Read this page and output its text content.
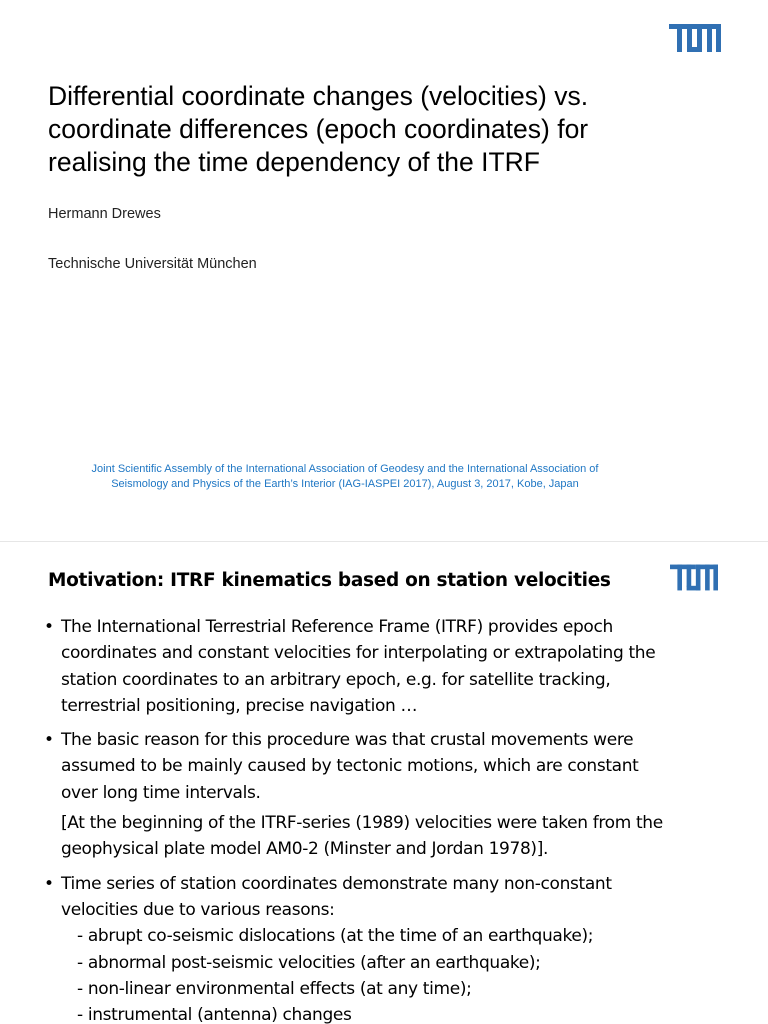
Differential coordinate changes (velocities) vs.
coordinate differences (epoch coordinates) for
realising the time dependency of the ITRF
Hermann Drewes
Technische Universität München
Joint Scientific Assembly of the International Association of Geodesy and the International Association of
Seismology and Physics of the Earth’s Interior (IAG-IASPEI 2017), August 3, 2017, Kobe, Japan
Motivation: ITRF kinematics based on station velocities
• The International Terrestrial Reference Frame (ITRF) provides epoch
coordinates and constant velocities for interpolating or extrapolating the
station coordinates to an arbitrary epoch, e.g. for satellite tracking,
terrestrial positioning, precise navigation …
• The basic reason for this procedure was that crustal movements were
assumed to be mainly caused by tectonic motions, which are constant
over long time intervals.
[At the beginning of the ITRF-series (1989) velocities were taken from the
geophysical plate model AM0-2 (Minster and Jordan 1978)].
• Time series of station coordinates demonstrate many non-constant
velocities due to various reasons:
- abrupt co-seismic dislocations (at the time of an earthquake);
- abnormal post-seismic velocities (after an earthquake);
- non-linear environmental effects (at any time);
- instrumental (antenna) changes
